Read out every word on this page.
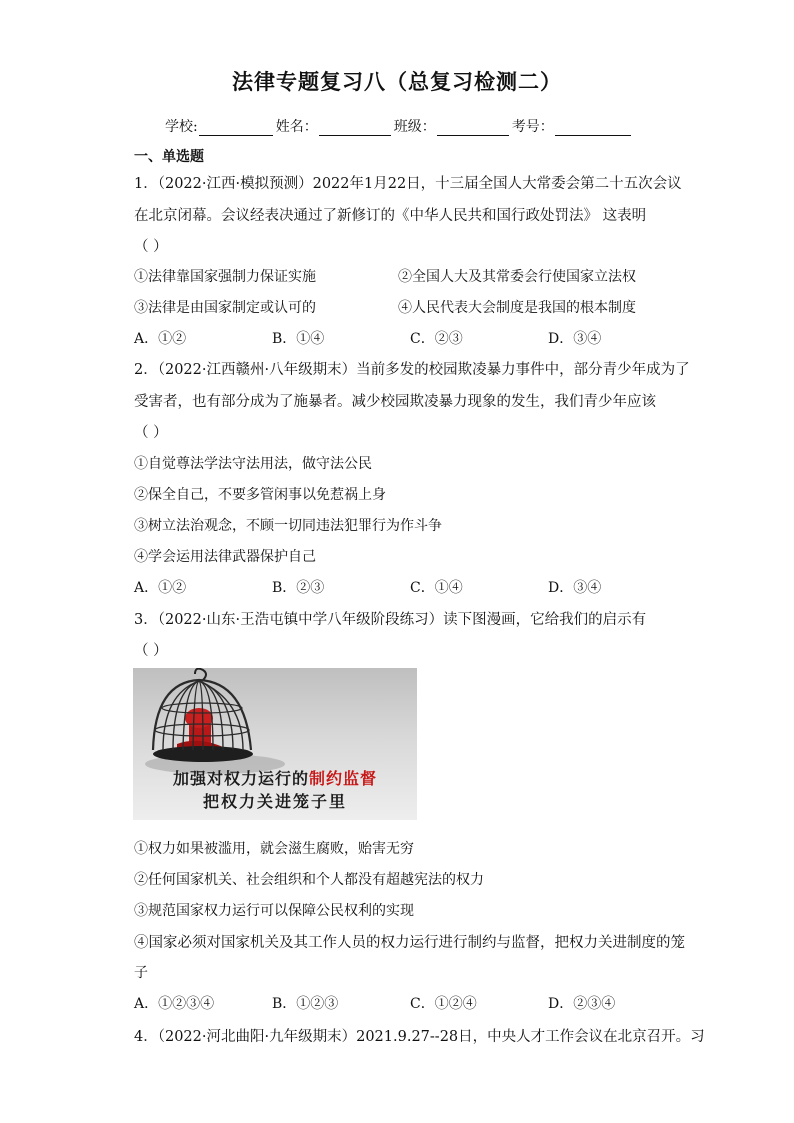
法律专题复习八（总复习检测二）
学校:	姓名：	班级：	考号：
一、单选题
1．（2022·江西·模拟预测）2022年1月22日，十三届全国人大常委会第二十五次会议
在北京闭幕。会议经表决通过了新修订的《中华人民共和国行政处罚法》 这表明
（ ）
①法律靠国家强制力保证实施	②全国人大及其常委会行使国家立法权
③法律是由国家制定或认可的	④人民代表大会制度是我国的根本制度
A．①②	B．①④	C．②③	D．③④
2．（2022·江西赣州·八年级期末）当前多发的校园欺凌暴力事件中，部分青少年成为了
受害者，也有部分成为了施暴者。减少校园欺凌暴力现象的发生，我们青少年应该
（ ）
①自觉尊法学法守法用法，做守法公民
②保全自己，不要多管闲事以免惹祸上身
③树立法治观念，不顾一切同违法犯罪行为作斗争
④学会运用法律武器保护自己
A．①②	B．②③	C．①④	D．③④
3．（2022·山东·王浩屯镇中学八年级阶段练习）读下图漫画，它给我们的启示有
（ ）
加强对权力运行的制约监督
把权力关进笼子里
①权力如果被滥用，就会滋生腐败，贻害无穷
②任何国家机关、社会组织和个人都没有超越宪法的权力
③规范国家权力运行可以保障公民权利的实现
④国家必须对国家机关及其工作人员的权力运行进行制约与监督，把权力关进制度的笼
子
A．①②③④	B．①②③	C．①②④	D．②③④
4．（2022·河北曲阳·九年级期末）2021.9.27--28日，中央人才工作会议在北京召开。习
